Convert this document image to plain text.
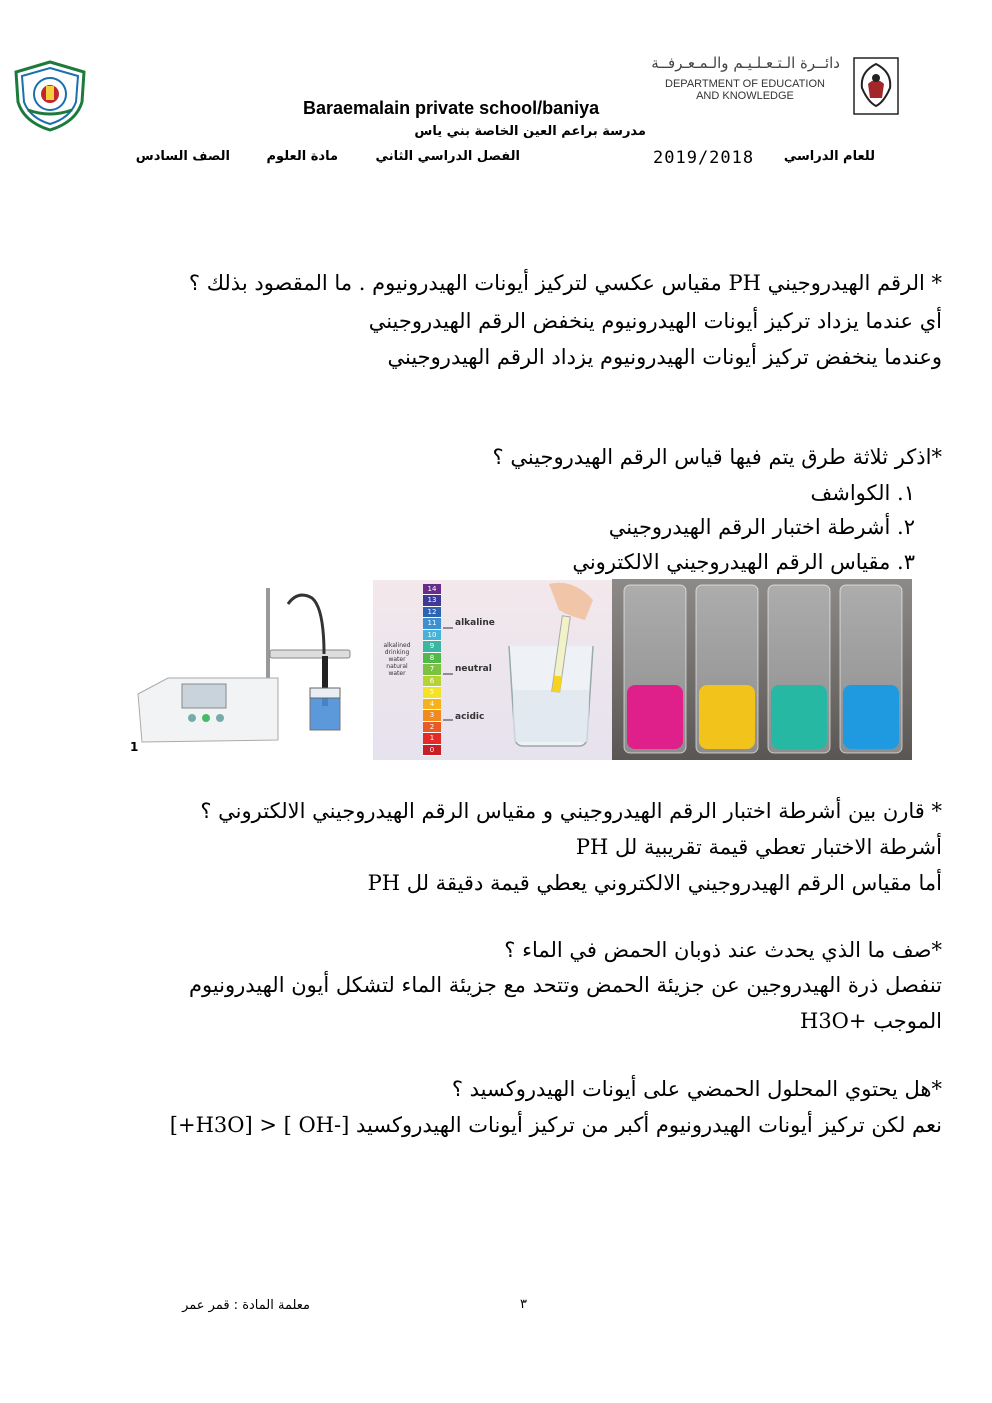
Baraemalain private school/baniya
دائــرة الـتـعـلـيـم والـمـعـرفــة
DEPARTMENT OF EDUCATION
AND KNOWLEDGE
مدرسة براعم العين الخاصة بني ياس
للعام الدراسي
2019/2018
الفصل الدراسي الثاني
مادة العلوم
الصف السادس
* الرقم الهيدروجيني PH مقياس عكسي لتركيز أيونات الهيدرونيوم . ما المقصود بذلك ؟
أي عندما يزداد تركيز أيونات الهيدرونيوم ينخفض الرقم الهيدروجيني
وعندما ينخفض تركيز أيونات الهيدرونيوم يزداد الرقم الهيدروجيني
*اذكر ثلاثة طرق يتم فيها قياس الرقم الهيدروجيني ؟
١. الكواشف
٢. أشرطة اختبار الرقم الهيدروجيني
٣. مقياس الرقم الهيدروجيني الالكتروني
1
14
13
12
11
10
9
8
7
6
5
4
3
2
1
0
alkaline
neutral
acidic
alkalined
drinking
water
natural
water
* قارن بين أشرطة اختبار الرقم الهيدروجيني و مقياس الرقم الهيدروجيني الالكتروني ؟
أشرطة الاختبار تعطي قيمة تقريبية لل PH
أما مقياس الرقم الهيدروجيني الالكتروني يعطي قيمة دقيقة لل PH
*صف ما الذي يحدث عند ذوبان الحمض في الماء ؟
تنفصل ذرة الهيدروجين عن جزيئة الحمض وتتحد مع جزيئة الماء لتشكل أيون الهيدرونيوم
الموجب +H3O
*هل يحتوي المحلول الحمضي على أيونات الهيدروكسيد ؟
نعم لكن تركيز أيونات الهيدرونيوم أكبر من تركيز أيونات الهيدروكسيد [-OH ] < [H3O+]
٣
معلمة المادة : قمر عمر
